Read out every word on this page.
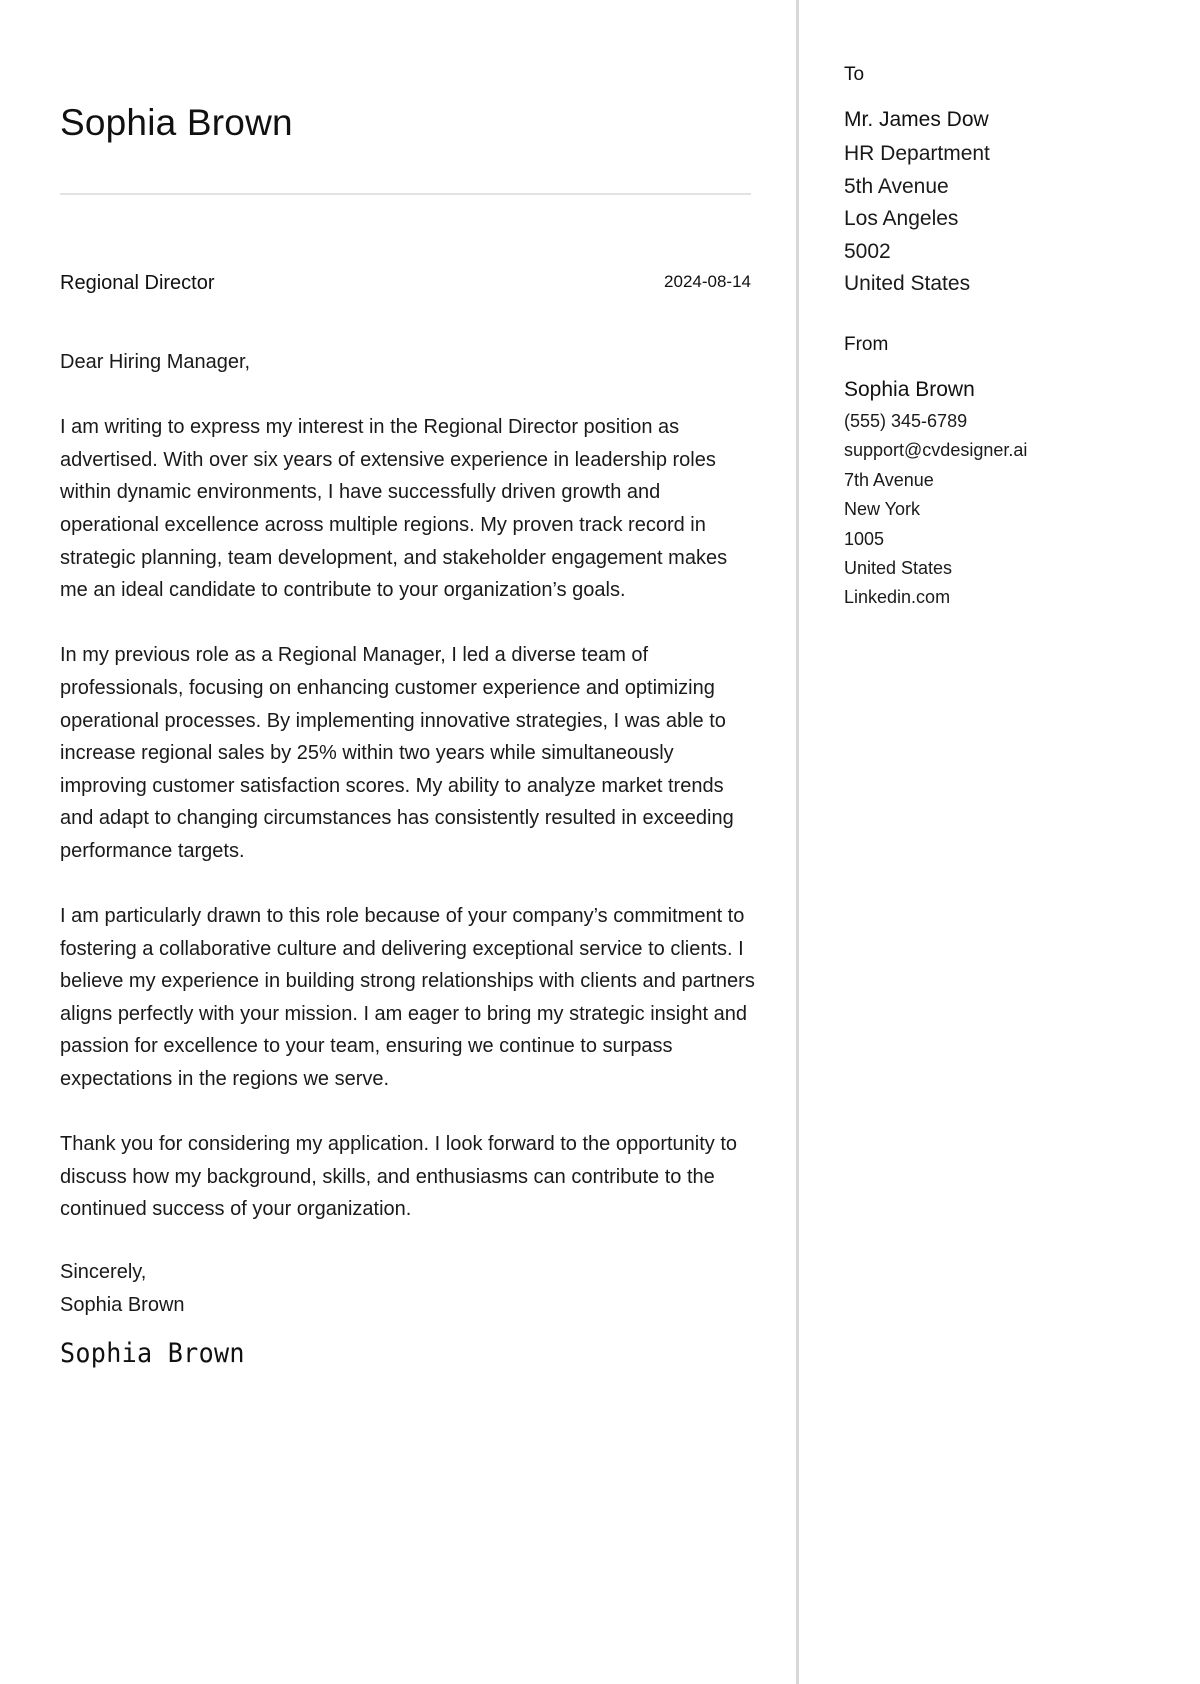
Sophia Brown
Regional Director	2024-08-14

Dear Hiring Manager,

I am writing to express my interest in the Regional Director position as advertised. With over six years of extensive experience in leadership roles within dynamic environments, I have successfully driven growth and operational excellence across multiple regions. My proven track record in strategic planning, team development, and stakeholder engagement makes me an ideal candidate to contribute to your organization’s goals.

In my previous role as a Regional Manager, I led a diverse team of professionals, focusing on enhancing customer experience and optimizing operational processes. By implementing innovative strategies, I was able to increase regional sales by 25% within two years while simultaneously improving customer satisfaction scores. My ability to analyze market trends and adapt to changing circumstances has consistently resulted in exceeding performance targets.

I am particularly drawn to this role because of your company’s commitment to fostering a collaborative culture and delivering exceptional service to clients. I believe my experience in building strong relationships with clients and partners aligns perfectly with your mission. I am eager to bring my strategic insight and passion for excellence to your team, ensuring we continue to surpass expectations in the regions we serve.

Thank you for considering my application. I look forward to the opportunity to discuss how my background, skills, and enthusiasms can contribute to the continued success of your organization.

Sincerely,
Sophia Brown
Sophia Brown
To
Mr. James Dow
HR Department
5th Avenue
Los Angeles
5002
United States
From
Sophia Brown
(555) 345-6789
support@cvdesigner.ai
7th Avenue
New York
1005
United States
Linkedin.com
